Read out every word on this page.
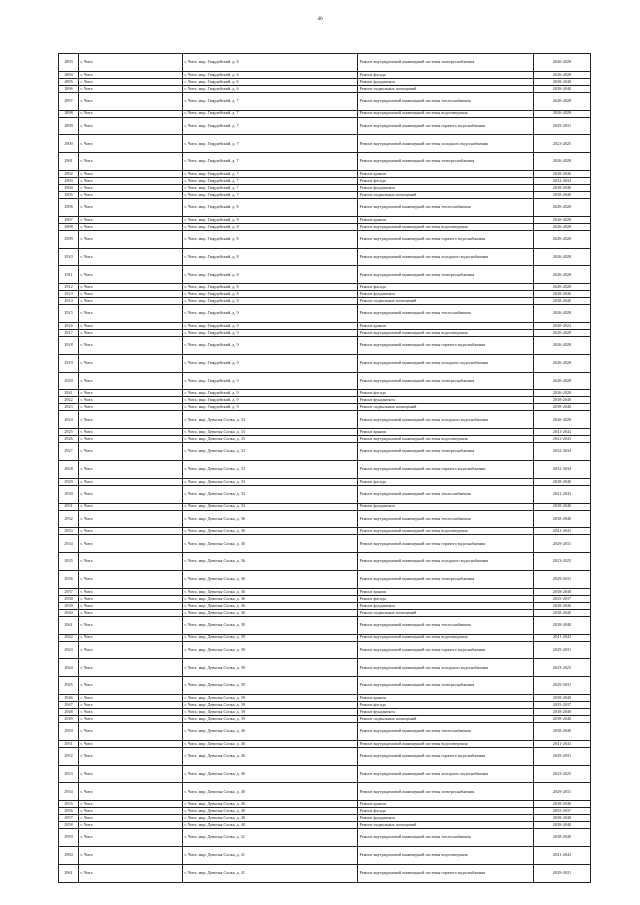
46
2893	г. Чита	г. Чита, мкр. Гвардейский, д. 6	Ремонт внутридомовой инженерной системы электроснабжения	2026-2028
2894	г. Чита	г. Чита, мкр. Гвардейский, д. 6	Ремонт фасада	2026-2028
2895	г. Чита	г. Чита, мкр. Гвардейский, д. 6	Ремонт фундамента	2038-2040
2896	г. Чита	г. Чита, мкр. Гвардейский, д. 6	Ремонт подвальных помещений	2038-2040
2897	г. Чита	г. Чита, мкр. Гвардейский, д. 7	Ремонт внутридомовой инженерной системы теплоснабжения	2026-2028
2898	г. Чита	г. Чита, мкр. Гвардейский, д. 7	Ремонт внутридомовой инженерной системы водоотведения	2026-2028
2899	г. Чита	г. Чита, мкр. Гвардейский, д. 7	Ремонт внутридомовой инженерной системы горячего водоснабжения	2029-2031
2900	г. Чита	г. Чита, мкр. Гвардейский, д. 7	Ремонт внутридомовой инженерной системы холодного водоснабжения	2023-2025
2901	г. Чита	г. Чита, мкр. Гвардейский, д. 7	Ремонт внутридомовой инженерной системы электроснабжения	2026-2028
2902	г. Чита	г. Чита, мкр. Гвардейский, д. 7	Ремонт крыши	2038-2040
2903	г. Чита	г. Чита, мкр. Гвардейский, д. 7	Ремонт фасада	2032-2034
2904	г. Чита	г. Чита, мкр. Гвардейский, д. 7	Ремонт фундамента	2038-2040
2905	г. Чита	г. Чита, мкр. Гвардейский, д. 7	Ремонт подвальных помещений	2038-2040
2906	г. Чита	г. Чита, мкр. Гвардейский, д. 8	Ремонт внутридомовой инженерной системы теплоснабжения	2026-2028
2907	г. Чита	г. Чита, мкр. Гвардейский, д. 8	Ремонт крыши	2026-2028
2908	г. Чита	г. Чита, мкр. Гвардейский, д. 8	Ремонт внутридомовой инженерной системы водоотведения	2026-2028
2909	г. Чита	г. Чита, мкр. Гвардейский, д. 8	Ремонт внутридомовой инженерной системы горячего водоснабжения	2026-2028
2910	г. Чита	г. Чита, мкр. Гвардейский, д. 8	Ремонт внутридомовой инженерной системы холодного водоснабжения	2026-2028
2911	г. Чита	г. Чита, мкр. Гвардейский, д. 8	Ремонт внутридомовой инженерной системы электроснабжения	2026-2028
2912	г. Чита	г. Чита, мкр. Гвардейский, д. 8	Ремонт фасада	2026-2028
2913	г. Чита	г. Чита, мкр. Гвардейский, д. 8	Ремонт фундамента	2038-2040
2914	г. Чита	г. Чита, мкр. Гвардейский, д. 8	Ремонт подвальных помещений	2038-2040
2915	г. Чита	г. Чита, мкр. Гвардейский, д. 9	Ремонт внутридомовой инженерной системы теплоснабжения	2026-2028
2916	г. Чита	г. Чита, мкр. Гвардейский, д. 9	Ремонт крыши	2020-2022
2917	г. Чита	г. Чита, мкр. Гвардейский, д. 9	Ремонт внутридомовой инженерной системы водоотведения	2026-2028
2918	г. Чита	г. Чита, мкр. Гвардейский, д. 9	Ремонт внутридомовой инженерной системы горячего водоснабжения	2026-2028
2919	г. Чита	г. Чита, мкр. Гвардейский, д. 9	Ремонт внутридомовой инженерной системы холодного водоснабжения	2026-2028
2920	г. Чита	г. Чита, мкр. Гвардейский, д. 9	Ремонт внутридомовой инженерной системы электроснабжения	2026-2028
2921	г. Чита	г. Чита, мкр. Гвардейский, д. 9	Ремонт фасада	2026-2028
2922	г. Чита	г. Чита, мкр. Гвардейский, д. 9	Ремонт фундамента	2038-2040
2923	г. Чита	г. Чита, мкр. Гвардейский, д. 9	Ремонт подвальных помещений	2038-2040
2924	г. Чита	г. Чита, мкр. Девичья Сопка, д. 33	Ремонт внутридомовой инженерной системы холодного водоснабжения	2026-2028
2925	г. Чита	г. Чита, мкр. Девичья Сопка, д. 33	Ремонт крыши	2041-2043
2926	г. Чита	г. Чита, мкр. Девичья Сопка, д. 33	Ремонт внутридомовой инженерной системы водоотведения	2041-2043
2927	г. Чита	г. Чита, мкр. Девичья Сопка, д. 33	Ремонт внутридомовой инженерной системы электроснабжения	2032-2034
2928	г. Чита	г. Чита, мкр. Девичья Сопка, д. 33	Ремонт внутридомовой инженерной системы горячего водоснабжения	2032-2034
2929	г. Чита	г. Чита, мкр. Девичья Сопка, д. 33	Ремонт фасада	2038-2040
2930	г. Чита	г. Чита, мкр. Девичья Сопка, д. 33	Ремонт внутридомовой инженерной системы теплоснабжения	2041-2043
2931	г. Чита	г. Чита, мкр. Девичья Сопка, д. 33	Ремонт фундамента	2038-2040
2932	г. Чита	г. Чита, мкр. Девичья Сопка, д. 36	Ремонт внутридомовой инженерной системы теплоснабжения	2038-2040
2933	г. Чита	г. Чита, мкр. Девичья Сопка, д. 36	Ремонт внутридомовой инженерной системы водоотведения	2041-2043
2934	г. Чита	г. Чита, мкр. Девичья Сопка, д. 36	Ремонт внутридомовой инженерной системы горячего водоснабжения	2029-2031
2935	г. Чита	г. Чита, мкр. Девичья Сопка, д. 36	Ремонт внутридомовой инженерной системы холодного водоснабжения	2023-2025
2936	г. Чита	г. Чита, мкр. Девичья Сопка, д. 36	Ремонт внутридомовой инженерной системы электроснабжения	2029-2031
2937	г. Чита	г. Чита, мкр. Девичья Сопка, д. 36	Ремонт крыши	2038-2040
2938	г. Чита	г. Чита, мкр. Девичья Сопка, д. 36	Ремонт фасада	2035-2037
2939	г. Чита	г. Чита, мкр. Девичья Сопка, д. 36	Ремонт фундамента	2038-2040
2940	г. Чита	г. Чита, мкр. Девичья Сопка, д. 36	Ремонт подвальных помещений	2038-2040
2941	г. Чита	г. Чита, мкр. Девичья Сопка, д. 39	Ремонт внутридомовой инженерной системы теплоснабжения	2038-2040
2942	г. Чита	г. Чита, мкр. Девичья Сопка, д. 39	Ремонт внутридомовой инженерной системы водоотведения	2041-2043
2943	г. Чита	г. Чита, мкр. Девичья Сопка, д. 39	Ремонт внутридомовой инженерной системы горячего водоснабжения	2029-2031
2944	г. Чита	г. Чита, мкр. Девичья Сопка, д. 39	Ремонт внутридомовой инженерной системы холодного водоснабжения	2023-2025
2945	г. Чита	г. Чита, мкр. Девичья Сопка, д. 39	Ремонт внутридомовой инженерной системы электроснабжения	2029-2031
2946	г. Чита	г. Чита, мкр. Девичья Сопка, д. 39	Ремонт крыши	2038-2040
2947	г. Чита	г. Чита, мкр. Девичья Сопка, д. 39	Ремонт фасада	2035-2037
2948	г. Чита	г. Чита, мкр. Девичья Сопка, д. 39	Ремонт фундамента	2038-2040
2949	г. Чита	г. Чита, мкр. Девичья Сопка, д. 39	Ремонт подвальных помещений	2038-2040
2950	г. Чита	г. Чита, мкр. Девичья Сопка, д. 40	Ремонт внутридомовой инженерной системы теплоснабжения	2038-2040
2951	г. Чита	г. Чита, мкр. Девичья Сопка, д. 40	Ремонт внутридомовой инженерной системы водоотведения	2041-2043
2952	г. Чита	г. Чита, мкр. Девичья Сопка, д. 40	Ремонт внутридомовой инженерной системы горячего водоснабжения	2029-2031
2953	г. Чита	г. Чита, мкр. Девичья Сопка, д. 40	Ремонт внутридомовой инженерной системы холодного водоснабжения	2023-2025
2954	г. Чита	г. Чита, мкр. Девичья Сопка, д. 40	Ремонт внутридомовой инженерной системы электроснабжения	2029-2031
2955	г. Чита	г. Чита, мкр. Девичья Сопка, д. 40	Ремонт крыши	2038-2040
2956	г. Чита	г. Чита, мкр. Девичья Сопка, д. 40	Ремонт фасада	2035-2037
2957	г. Чита	г. Чита, мкр. Девичья Сопка, д. 40	Ремонт фундамента	2038-2040
2958	г. Чита	г. Чита, мкр. Девичья Сопка, д. 40	Ремонт подвальных помещений	2038-2040
2959	г. Чита	г. Чита, мкр. Девичья Сопка, д. 41	Ремонт внутридомовой инженерной системы теплоснабжения	2038-2040
2960	г. Чита	г. Чита, мкр. Девичья Сопка, д. 41	Ремонт внутридомовой инженерной системы водоотведения	2041-2043
2961	г. Чита	г. Чита, мкр. Девичья Сопка, д. 41	Ремонт внутридомовой инженерной системы горячего водоснабжения	2029-2031
